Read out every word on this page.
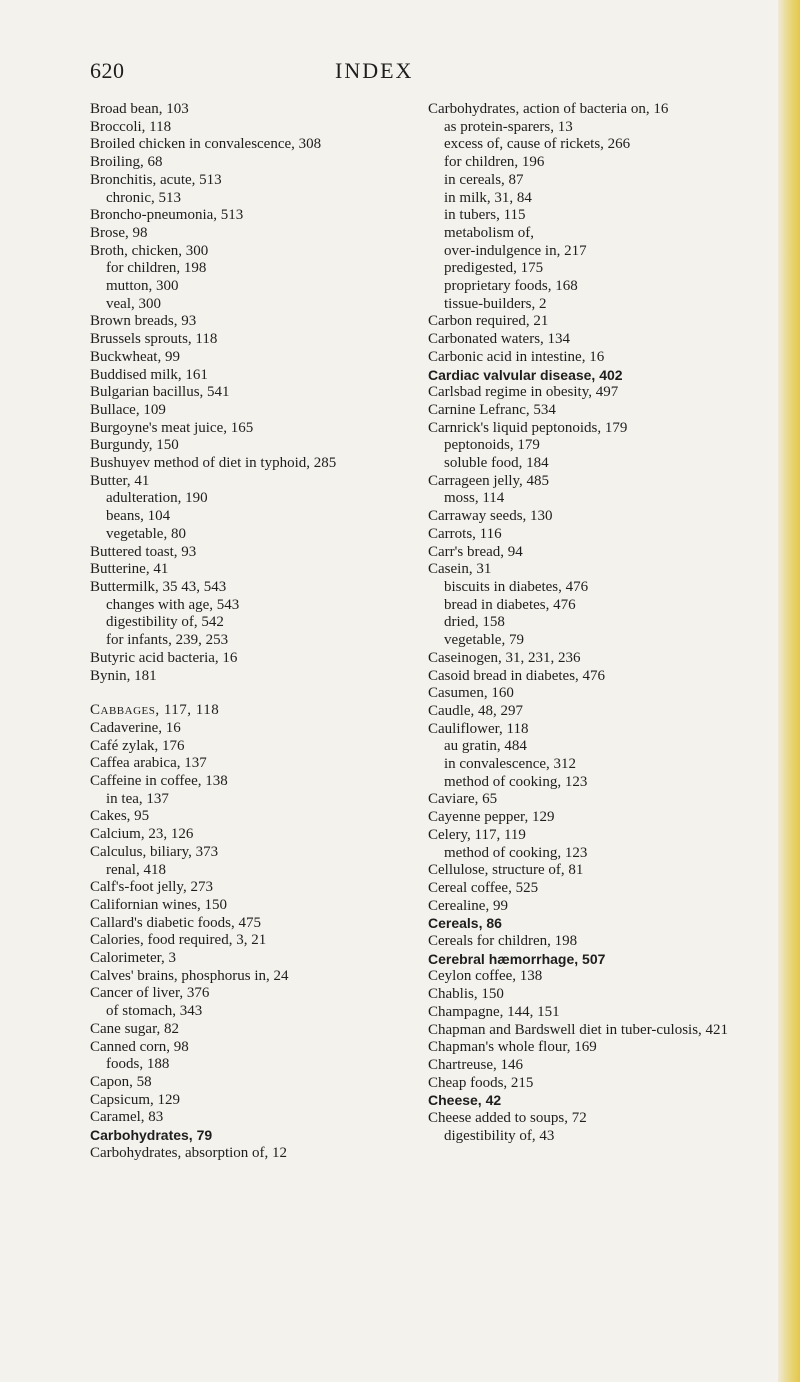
620	INDEX
Broad bean, 103
Broccoli, 118
Broiled chicken in convalescence, 308
Broiling, 68
Bronchitis, acute, 513
chronic, 513
Broncho-pneumonia, 513
Brose, 98
Broth, chicken, 300
for children, 198
mutton, 300
veal, 300
Brown breads, 93
Brussels sprouts, 118
Buckwheat, 99
Buddised milk, 161
Bulgarian bacillus, 541
Bullace, 109
Burgoyne's meat juice, 165
Burgundy, 150
Bushuyev method of diet in typhoid, 285
Butter, 41
adulteration, 190
beans, 104
vegetable, 80
Buttered toast, 93
Butterine, 41
Buttermilk, 35 43, 543
changes with age, 543
digestibility of, 542
for infants, 239, 253
Butyric acid bacteria, 16
Bynin, 181
Cabbages, 117, 118
Cadaverine, 16
Café zylak, 176
Caffea arabica, 137
Caffeine in coffee, 138
in tea, 137
Cakes, 95
Calcium, 23, 126
Calculus, biliary, 373
renal, 418
Calf's-foot jelly, 273
Californian wines, 150
Callard's diabetic foods, 475
Calories, food required, 3, 21
Calorimeter, 3
Calves' brains, phosphorus in, 24
Cancer of liver, 376
of stomach, 343
Cane sugar, 82
Canned corn, 98
foods, 188
Capon, 58
Capsicum, 129
Caramel, 83
Carbohydrates, 79
Carbohydrates, absorption of, 12
Carbohydrates, action of bacteria on, 16
as protein-sparers, 13
excess of, cause of rickets, 266
for children, 196
in cereals, 87
in milk, 31, 84
in tubers, 115
metabolism of,
over-indulgence in, 217
predigested, 175
proprietary foods, 168
tissue-builders, 2
Carbon required, 21
Carbonated waters, 134
Carbonic acid in intestine, 16
Cardiac valvular disease, 402
Carlsbad regime in obesity, 497
Carnine Lefranc, 534
Carnrick's liquid peptonoids, 179
peptonoids, 179
soluble food, 184
Carrageen jelly, 485
moss, 114
Carraway seeds, 130
Carrots, 116
Carr's bread, 94
Casein, 31
biscuits in diabetes, 476
bread in diabetes, 476
dried, 158
vegetable, 79
Caseinogen, 31, 231, 236
Casoid bread in diabetes, 476
Casumen, 160
Caudle, 48, 297
Cauliflower, 118
au gratin, 484
in convalescence, 312
method of cooking, 123
Caviare, 65
Cayenne pepper, 129
Celery, 117, 119
method of cooking, 123
Cellulose, structure of, 81
Cereal coffee, 525
Cerealine, 99
Cereals, 86
Cereals for children, 198
Cerebral hæmorrhage, 507
Ceylon coffee, 138
Chablis, 150
Champagne, 144, 151
Chapman and Bardswell diet in tuber-culosis, 421
Chapman's whole flour, 169
Chartreuse, 146
Cheap foods, 215
Cheese, 42
Cheese added to soups, 72
digestibility of, 43
